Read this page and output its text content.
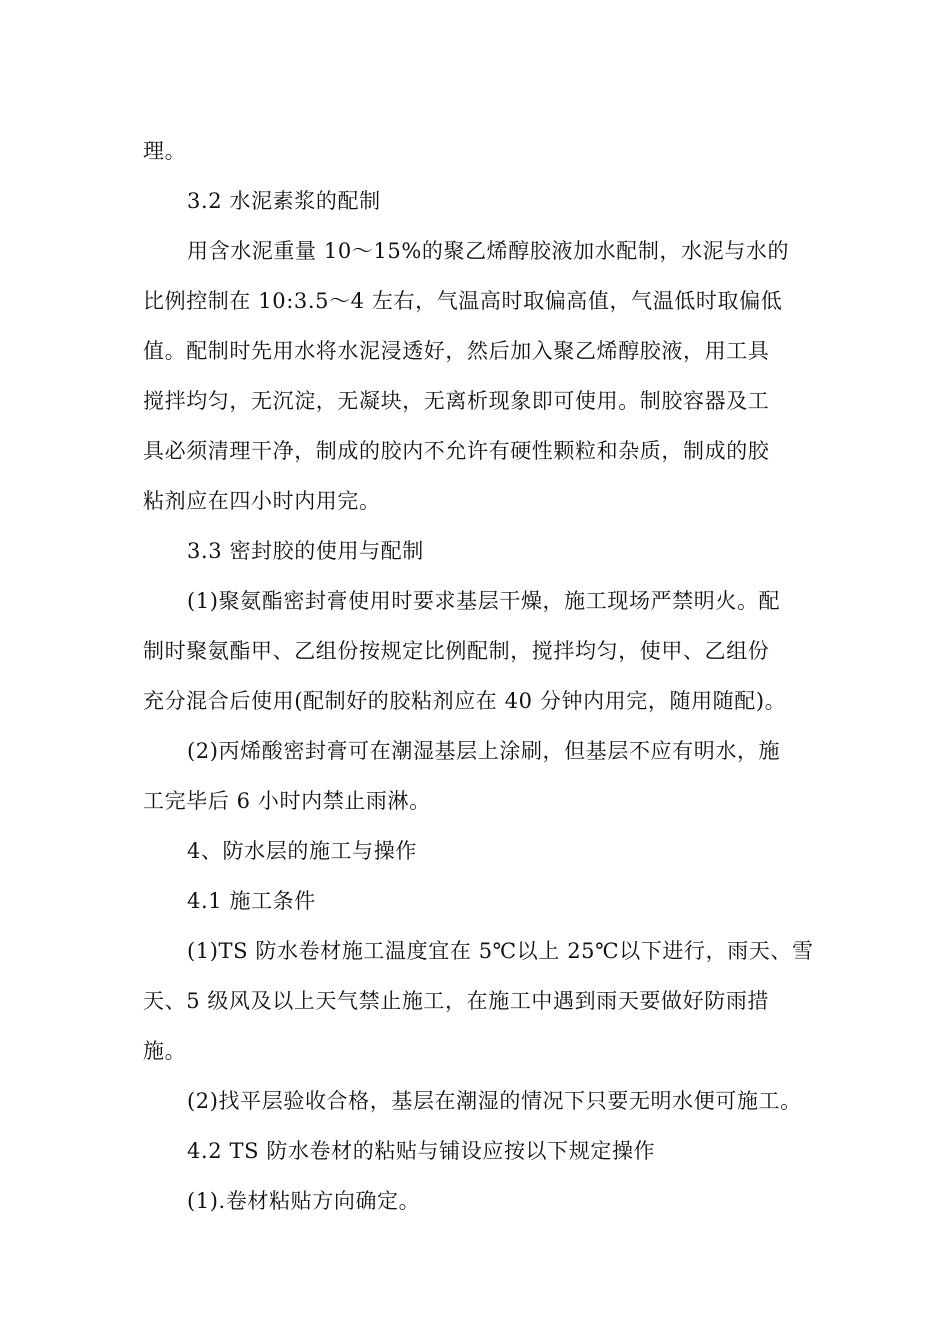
理。
3.2 水泥素浆的配制
用含水泥重量 10～15%的聚乙烯醇胶液加水配制，水泥与水的
比例控制在 10:3.5～4 左右，气温高时取偏高值，气温低时取偏低
值。配制时先用水将水泥浸透好，然后加入聚乙烯醇胶液，用工具
搅拌均匀，无沉淀，无凝块，无离析现象即可使用。制胶容器及工
具必须清理干净，制成的胶内不允许有硬性颗粒和杂质，制成的胶
粘剂应在四小时内用完。
3.3 密封胶的使用与配制
(1)聚氨酯密封膏使用时要求基层干燥，施工现场严禁明火。配
制时聚氨酯甲、乙组份按规定比例配制，搅拌均匀，使甲、乙组份
充分混合后使用(配制好的胶粘剂应在 40 分钟内用完，随用随配)。
(2)丙烯酸密封膏可在潮湿基层上涂刷，但基层不应有明水，施
工完毕后 6 小时内禁止雨淋。
4、防水层的施工与操作
4.1 施工条件
(1)TS 防水卷材施工温度宜在 5℃以上 25℃以下进行，雨天、雪
天、5 级风及以上天气禁止施工，在施工中遇到雨天要做好防雨措
施。
(2)找平层验收合格，基层在潮湿的情况下只要无明水便可施工。
4.2 TS 防水卷材的粘贴与铺设应按以下规定操作
(1).卷材粘贴方向确定。
